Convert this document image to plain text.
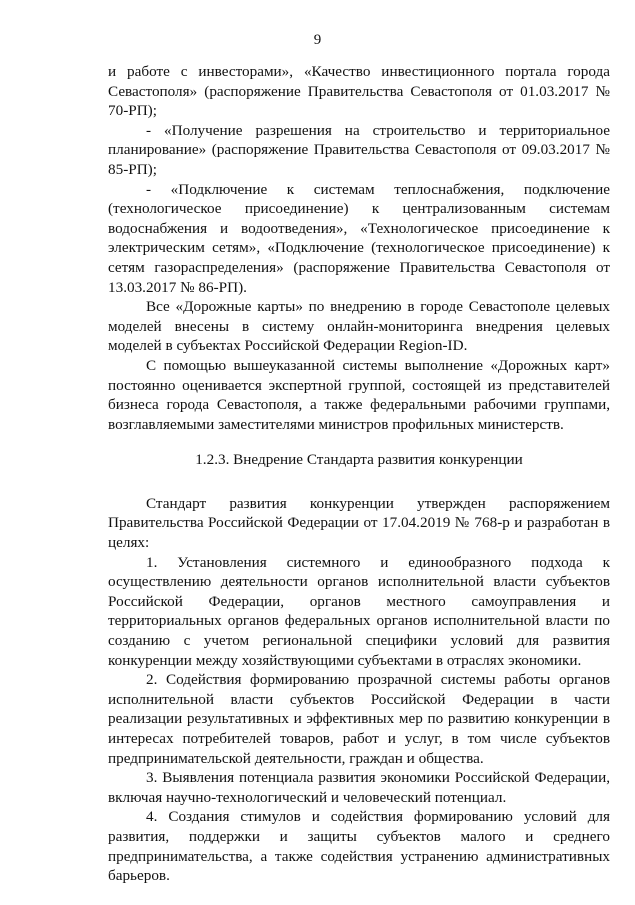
9

и работе с инвесторами», «Качество инвестиционного портала города Севастополя» (распоряжение Правительства Севастополя от 01.03.2017 № 70-РП);

- «Получение разрешения на строительство и территориальное планирование» (распоряжение Правительства Севастополя от 09.03.2017 № 85-РП);

- «Подключение к системам теплоснабжения, подключение (технологическое присоединение) к централизованным системам водоснабжения и водоотведения», «Технологическое присоединение к электрическим сетям», «Подключение (технологическое присоединение) к сетям газораспределения» (распоряжение Правительства Севастополя от 13.03.2017 № 86-РП).

Все «Дорожные карты» по внедрению в городе Севастополе целевых моделей внесены в систему онлайн-мониторинга внедрения целевых моделей в субъектах Российской Федерации Region-ID.

С помощью вышеуказанной системы выполнение «Дорожных карт» постоянно оценивается экспертной группой, состоящей из представителей бизнеса города Севастополя, а также федеральными рабочими группами, возглавляемыми заместителями министров профильных министерств.

1.2.3. Внедрение Стандарта развития конкуренции

Стандарт развития конкуренции утвержден распоряжением Правительства Российской Федерации от 17.04.2019 № 768-р и разработан в целях:

1. Установления системного и единообразного подхода к осуществлению деятельности органов исполнительной власти субъектов Российской Федерации, органов местного самоуправления и территориальных органов федеральных органов исполнительной власти по созданию с учетом региональной специфики условий для развития конкуренции между хозяйствующими субъектами в отраслях экономики.

2. Содействия формированию прозрачной системы работы органов исполнительной власти субъектов Российской Федерации в части реализации результативных и эффективных мер по развитию конкуренции в интересах потребителей товаров, работ и услуг, в том числе субъектов предпринимательской деятельности, граждан и общества.

3. Выявления потенциала развития экономики Российской Федерации, включая научно-технологический и человеческий потенциал.

4. Создания стимулов и содействия формированию условий для развития, поддержки и защиты субъектов малого и среднего предпринимательства, а также содействия устранению административных барьеров.
